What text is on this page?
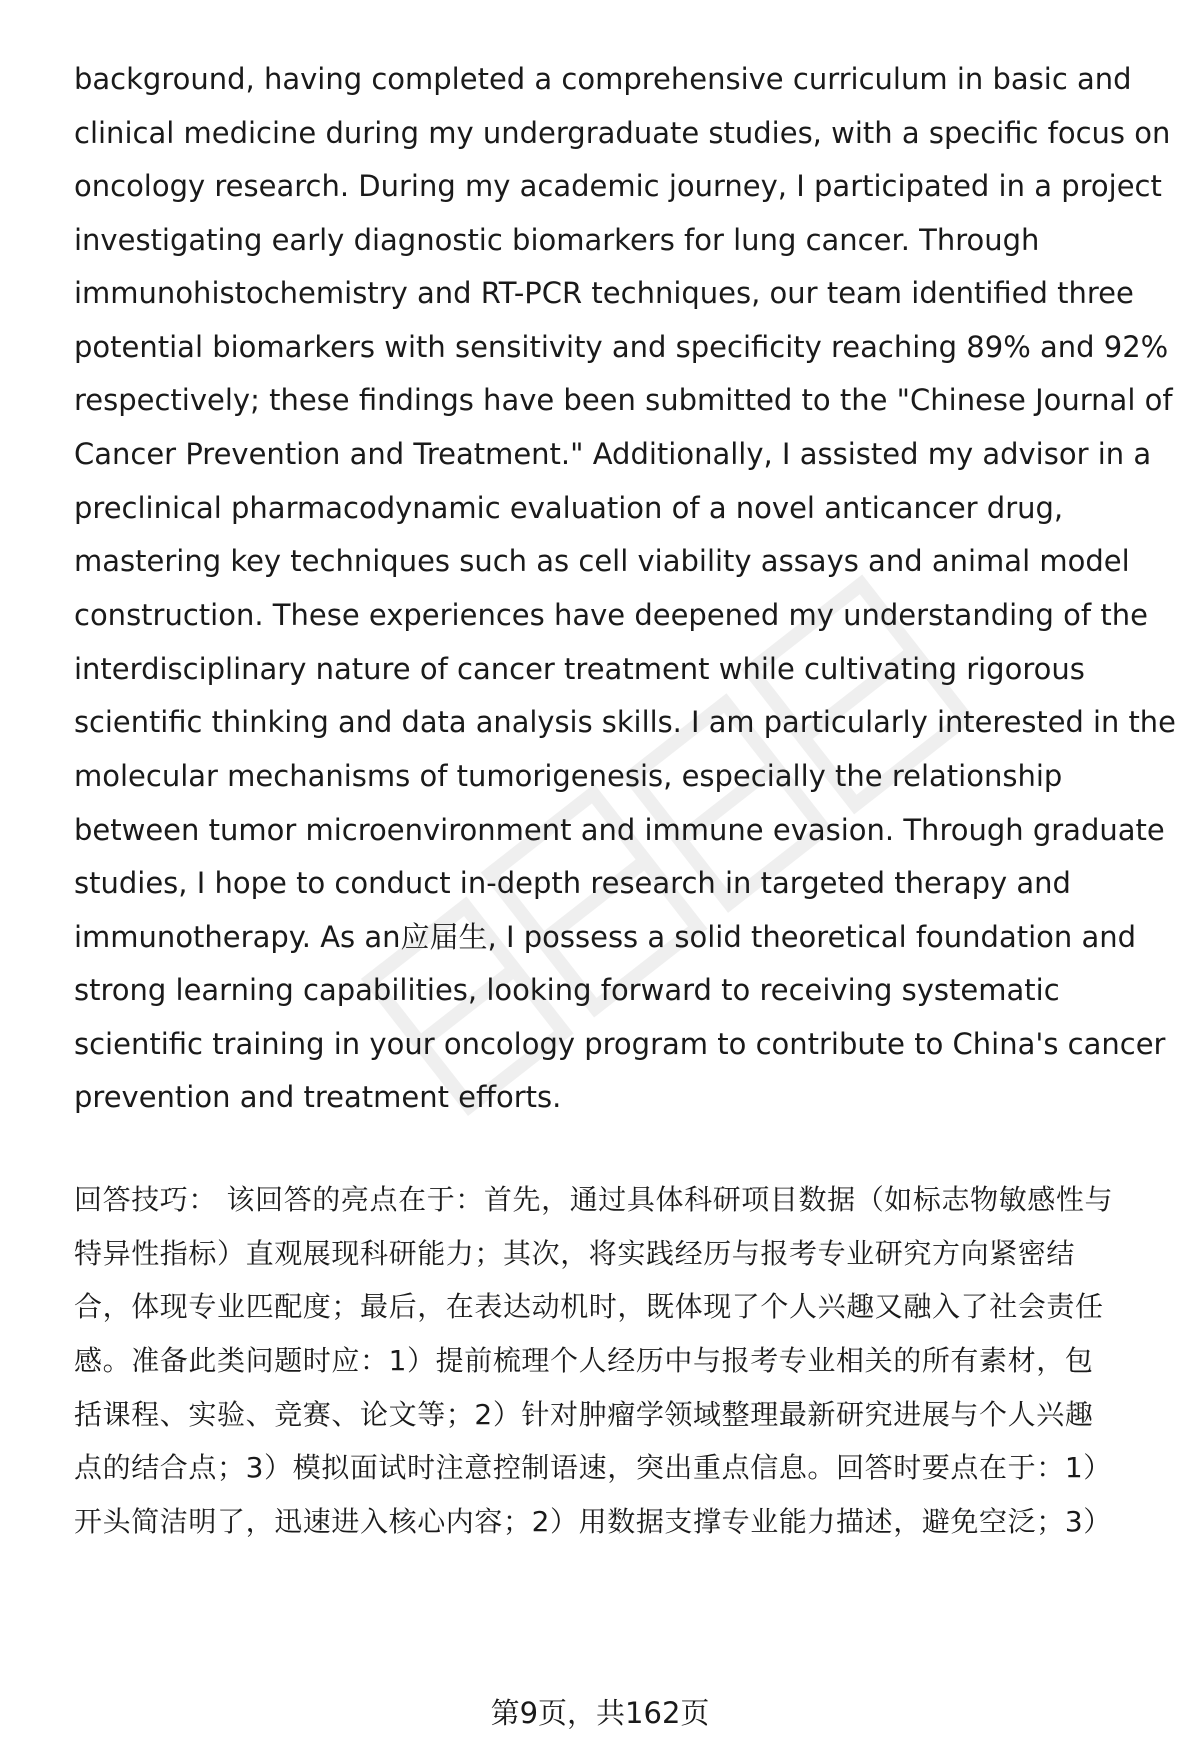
background, having completed a comprehensive curriculum in basic and
clinical medicine during my undergraduate studies, with a specific focus on
oncology research. During my academic journey, I participated in a project
investigating early diagnostic biomarkers for lung cancer. Through
immunohistochemistry and RT-PCR techniques, our team identified three
potential biomarkers with sensitivity and specificity reaching 89% and 92%
respectively; these findings have been submitted to the "Chinese Journal of
Cancer Prevention and Treatment." Additionally, I assisted my advisor in a
preclinical pharmacodynamic evaluation of a novel anticancer drug,
mastering key techniques such as cell viability assays and animal model
construction. These experiences have deepened my understanding of the
interdisciplinary nature of cancer treatment while cultivating rigorous
scientific thinking and data analysis skills. I am particularly interested in the
molecular mechanisms of tumorigenesis, especially the relationship
between tumor microenvironment and immune evasion. Through graduate
studies, I hope to conduct in-depth research in targeted therapy and
immunotherapy. As an应届生, I possess a solid theoretical foundation and
strong learning capabilities, looking forward to receiving systematic
scientific training in your oncology program to contribute to China's cancer
prevention and treatment efforts.
回答技巧： 该回答的亮点在于：首先，通过具体科研项目数据（如标志物敏感性与
特异性指标）直观展现科研能力；其次，将实践经历与报考专业研究方向紧密结
合，体现专业匹配度；最后，在表达动机时，既体现了个人兴趣又融入了社会责任
感。准备此类问题时应：1）提前梳理个人经历中与报考专业相关的所有素材，包
括课程、实验、竞赛、论文等；2）针对肿瘤学领域整理最新研究进展与个人兴趣
点的结合点；3）模拟面试时注意控制语速，突出重点信息。回答时要点在于：1）
开头简洁明了，迅速进入核心内容；2）用数据支撑专业能力描述，避免空泛；3）
第9页，共162页
